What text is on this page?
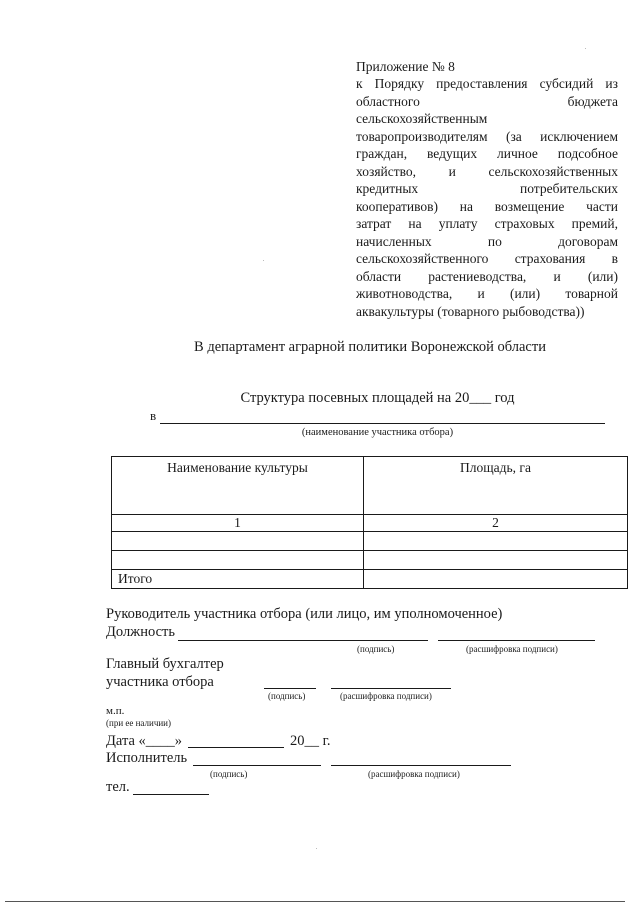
Приложение № 8
к Порядку предоставления субсидий из
областного бюджета
сельскохозяйственным
товаропроизводителям (за исключением
граждан, ведущих личное подсобное
хозяйство, и сельскохозяйственных
кредитных потребительских
кооперативов) на возмещение части
затрат на уплату страховых премий,
начисленных по договорам
сельскохозяйственного страхования в
области растениеводства, и (или)
животноводства, и (или) товарной
аквакультуры (товарного рыбоводства))
В департамент аграрной политики Воронежской области
Структура посевных площадей на 20___ год
в
(наименование участника отбора)
Наименование культуры	Площадь, га
1	2

Итого	
Руководитель участника отбора (или лицо, им уполномоченное)
Должность
(подпись)	(расшифровка подписи)
Главный бухгалтер
участника отбора
(подпись)	(расшифровка подписи)
м.п.
(при ее наличии)
Дата «____»	20__ г.
Исполнитель
(подпись)	(расшифровка подписи)
тел.
